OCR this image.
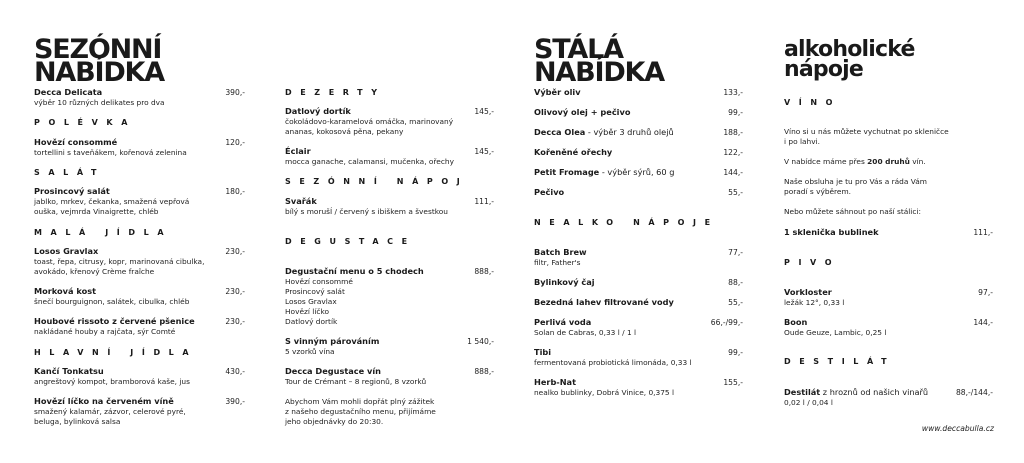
SEZÓNNÍ
NABÍDKA
Decca Delicata
výběr 10 různých delikates pro dva
390,-
POLÉVKA
Hovězí consommé
tortellini s taveňákem, kořenová zelenina
120,-
SALÁT
Prosincový salát
jablko, mrkev, čekanka, smažená vepřová
ouška, vejmrda Vinaigrette, chléb
180,-
MALÁ JÍDLA
Losos Gravlax
toast, řepa, citrusy, kopr, marinovaná cibulka,
avokádo, křenový Crème fraîche
230,-
Morková kost
šnečí bourguignon, salátek, cibulka, chléb
230,-
Houbové rissoto z červené pšenice
nakládané houby a rajčata, sýr Comté
230,-
HLAVNÍ JÍDLA
Kančí Tonkatsu
angreštový kompot, bramborová kaše, jus
430,-
Hovězí líčko na červeném víně
smažený kalamár, zázvor, celerové pyré,
beluga, bylinková salsa
390,-
DEZERTY
Datlový dortík
čokoládovo-karamelová omáčka, marinovaný
ananas, kokosová pěna, pekany
145,-
Éclair
mocca ganache, calamansi, mučenka, ořechy
145,-
SEZÓNNÍ NÁPOJ
Svařák
bílý s morušÍ / červený s ibiškem a švestkou
111,-
DEGUSTACE
Degustační menu o 5 chodech
Hovězí consommé
Prosincový salát
Losos Gravlax
Hovězí líčko
Datlový dortík
888,-
S vinným párováním
5 vzorků vína
1 540,-
Decca Degustace vín
Tour de Crémant – 8 regionů, 8 vzorků
888,-
Abychom Vám mohli dopřát plný zážitek
z našeho degustačního menu, přijímáme
jeho objednávky do 20:30.
STÁLÁ
NABÍDKA
Výběr oliv	133,-
Olivový olej + pečivo	99,-
Decca Olea - výběr 3 druhů olejů	188,-
Kořeněné ořechy	122,-
Petit Fromage - výběr sýrů, 60 g	144,-
Pečivo	55,-
NEALKO NÁPOJE
Batch Brew
filtr, Father's
77,-
Bylinkový čaj	88,-
Bezedná lahev filtrované vody	55,-
Perlivá voda
Solan de Cabras, 0,33 l / 1 l
66,-/99,-
Tibi
fermentovaná probiotická limonáda, 0,33 l
99,-
Herb-Nat
nealko bublinky, Dobrá Vinice, 0,375 l
155,-
alkoholické
nápoje
VÍNO
Víno si u nás můžete vychutnat po skleničce
i po lahvi.
V nabídce máme přes 200 druhů vín.
Naše obsluha je tu pro Vás a ráda Vám
poradí s výběrem.
Nebo můžete sáhnout po naší stálici:
1 sklenička bublinek	111,-
PIVO
Vorkloster
ležák 12°, 0,33 l
97,-
Boon
Oude Geuze, Lambic, 0,25 l
144,-
DESTILÁT
Destilát z hroznů od našich vinařů
0,02 l / 0,04 l
88,-/144,-
www.deccabulla.cz
